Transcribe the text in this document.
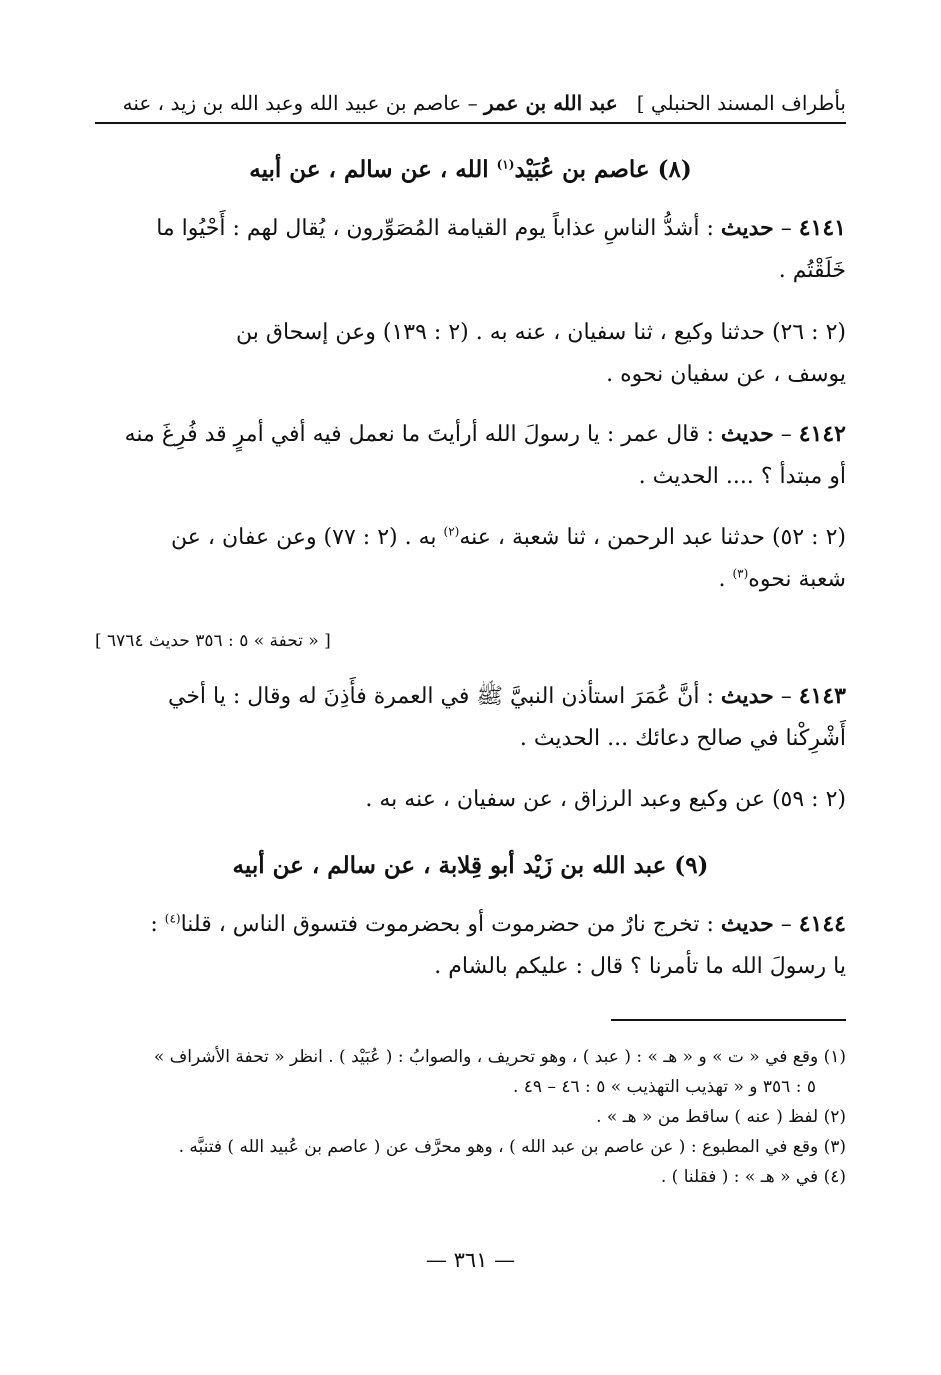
بأطراف المسند الحنبلي ]   عبد الله بن عمر – عاصم بن عبيد الله وعبد الله بن زيد ، عنه
(٨) عاصم بن عُبَيْد$^{(١)}$ الله ، عن سالم ، عن أبيه
٤١٤١ – حديث : أشدُّ الناسِ عذاباً يوم القيامة المُصَوِّرون ، يُقال لهم : أَحْيُوا ما
خَلَقْتُم .
(٢ : ٢٦) حدثنا وكيع ، ثنا سفيان ، عنه به . (٢ : ١٣٩) وعن إسحاق بن
يوسف ، عن سفيان نحوه .
٤١٤٢ – حديث : قال عمر : يا رسولَ الله أرأيتَ ما نعمل فيه أفي أمرٍ قد فُرِغَ منه
أو مبتدأ ؟ .... الحديث .
(٢ : ٥٢) حدثنا عبد الرحمن ، ثنا شعبة ، عنه$^{(٢)}$ به . (٢ : ٧٧) وعن عفان ، عن
شعبة نحوه$^{(٣)}$ .
[ « تحفة » ٥ : ٣٥٦ حديث ٦٧٦٤ ]
٤١٤٣ – حديث : أنَّ عُمَرَ استأذن النبيَّ ﷺ في العمرة فأَذِنَ له وقال : يا أخي
أَشْرِكْنا في صالح دعائك ... الحديث .
(٢ : ٥٩) عن وكيع وعبد الرزاق ، عن سفيان ، عنه به .
(٩) عبد الله بن زَيْد أبو قِلابة ، عن سالم ، عن أبيه
٤١٤٤ – حديث : تخرج نارٌ من حضرموت أو بحضرموت فتسوق الناس ، قلنا$^{(٤)}$ :
يا رسولَ الله ما تأمرنا ؟ قال : عليكم بالشام .
(١) وقع في « ت » و « هـ » : ( عبد ) ، وهو تحريف ، والصوابُ : ( عُبَيْد ) . انظر « تحفة الأشراف »
٥ : ٣٥٦ و « تهذيب التهذيب » ٥ : ٤٦ – ٤٩ .
(٢) لفظ ( عنه ) ساقط من « هـ » .
(٣) وقع في المطبوع : ( عن عاصم بن عبد الله ) ، وهو محرَّف عن ( عاصم بن عُبيد الله ) فتنبَّه .
(٤) في « هـ » : ( فقلنا ) .
— ٣٦١ —
